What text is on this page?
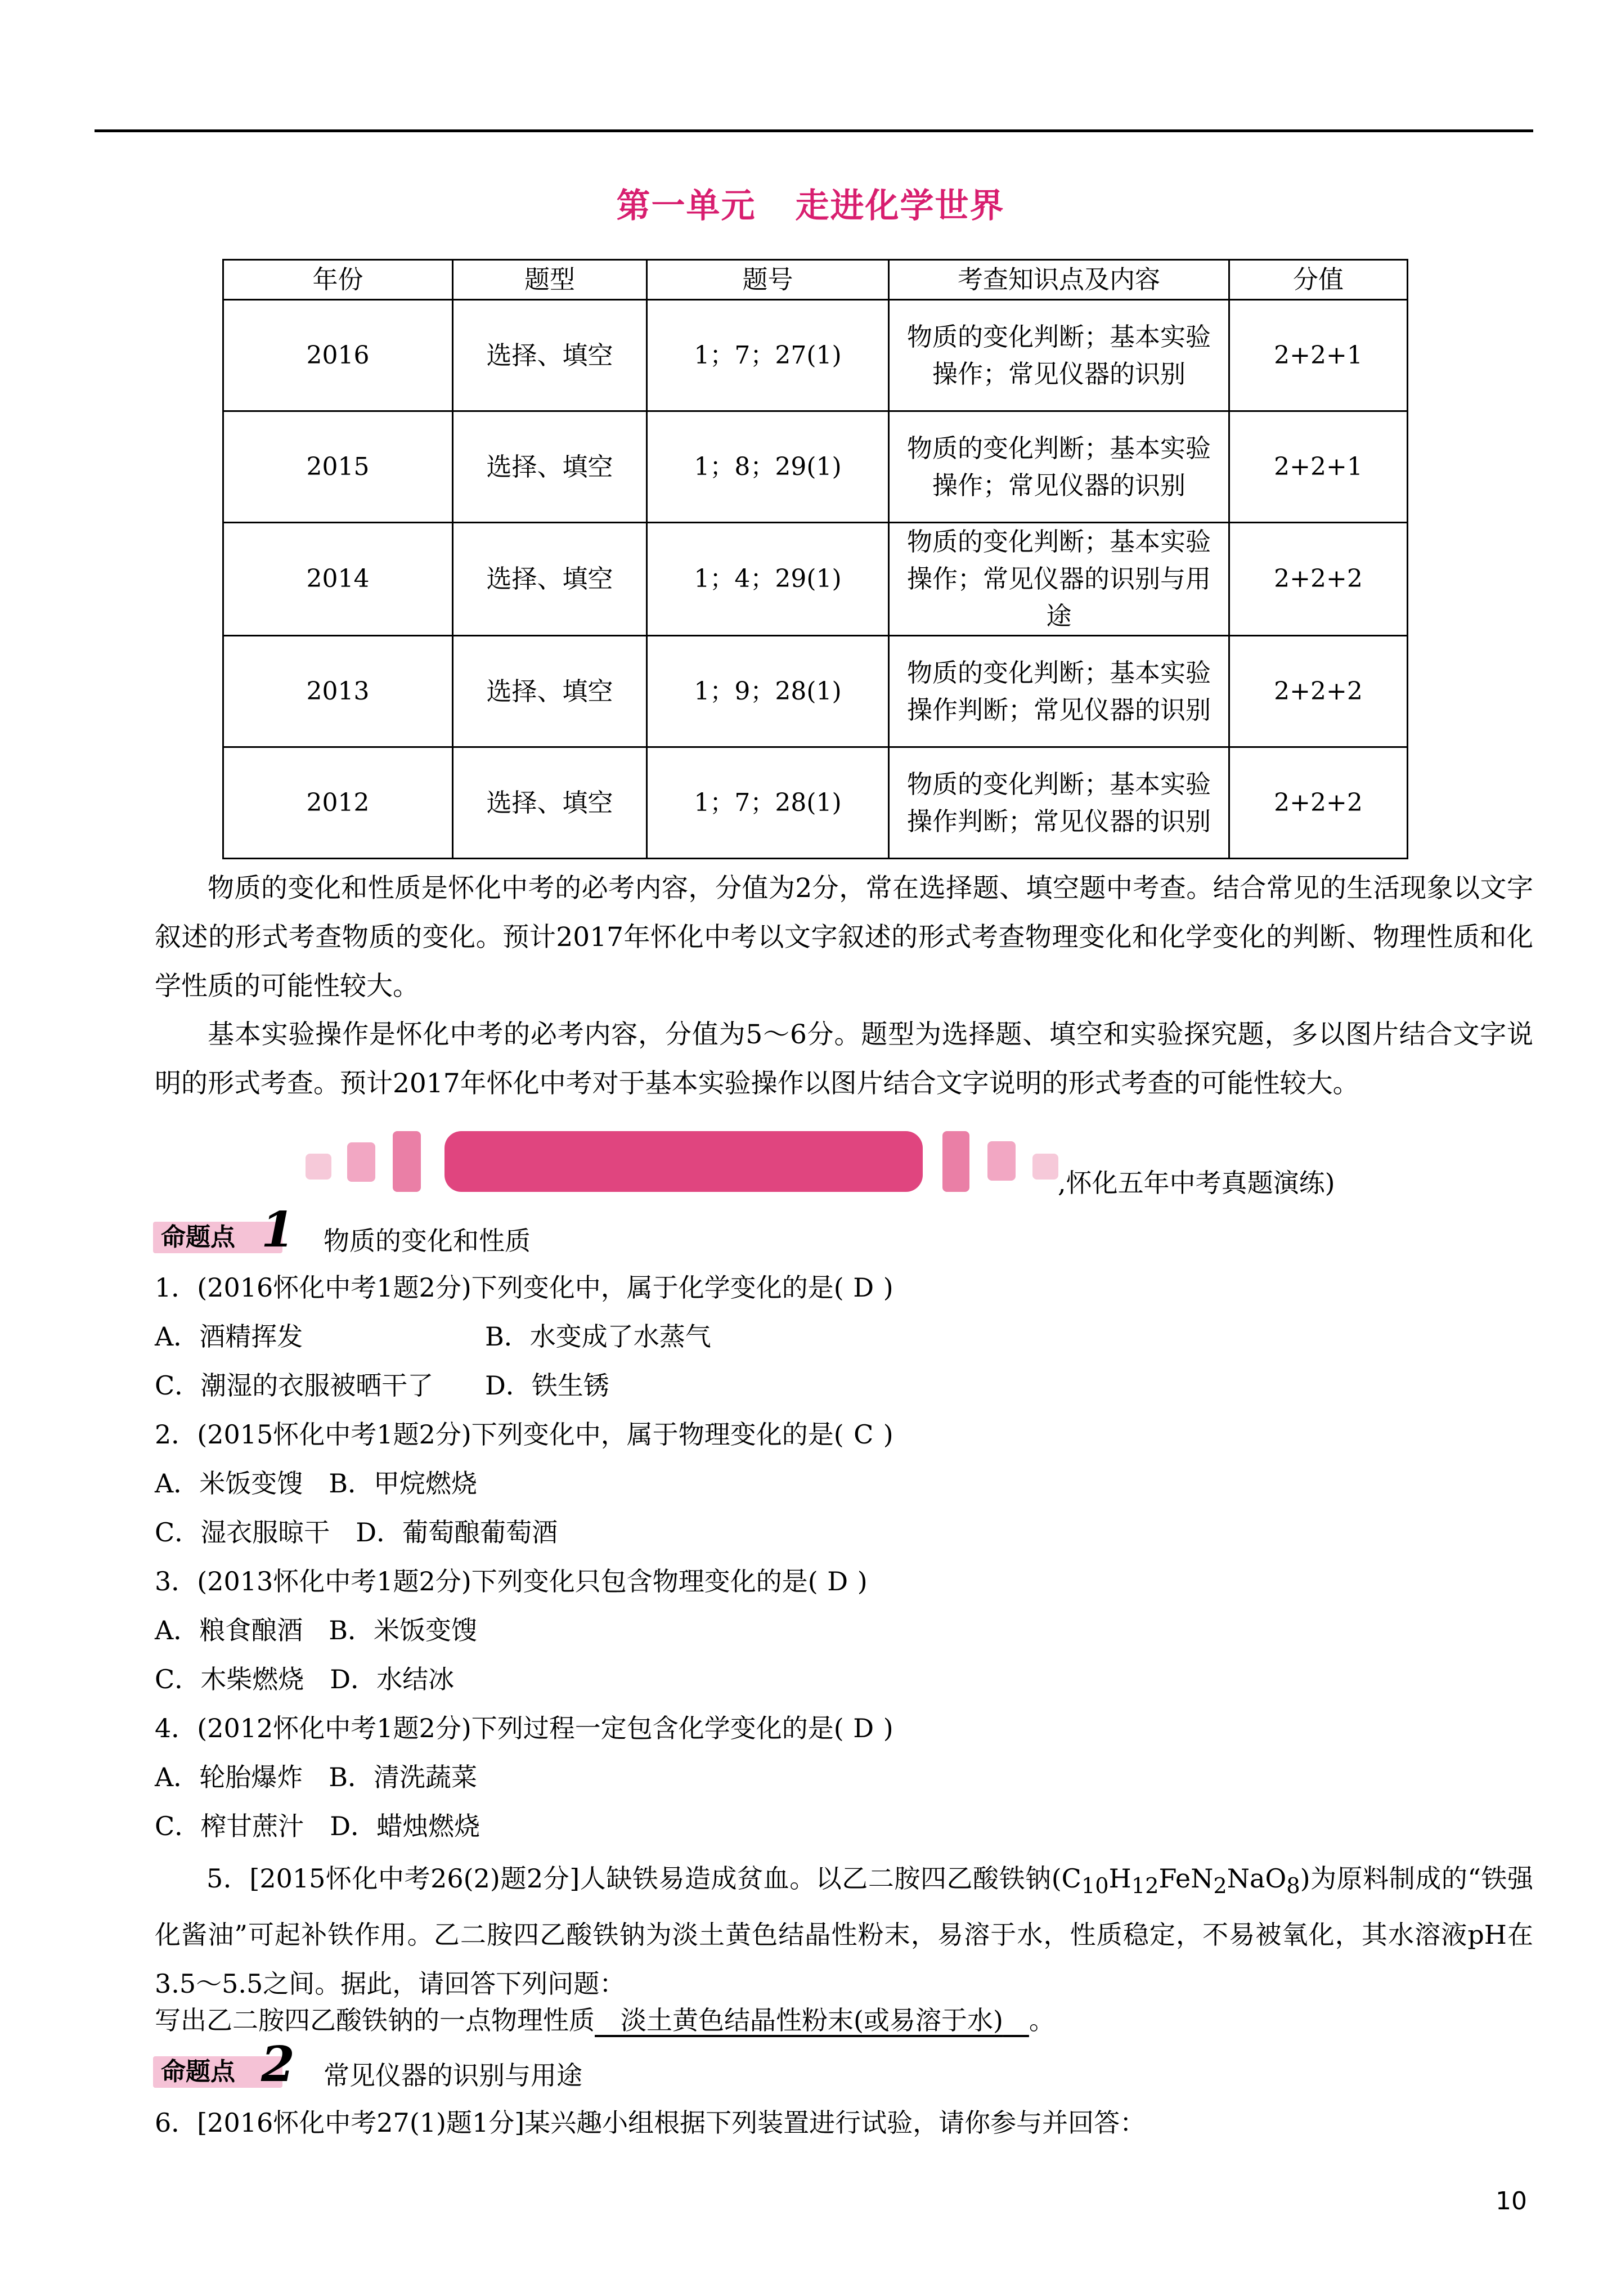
第一单元 走进化学世界
年份	题型	题号	考查知识点及内容	分值
2016	选择、填空	1；7；27(1)	物质的变化判断；基本实验操作；常见仪器的识别	2+2+1
2015	选择、填空	1；8；29(1)	物质的变化判断；基本实验操作；常见仪器的识别	2+2+1
2014	选择、填空	1；4；29(1)	物质的变化判断；基本实验操作；常见仪器的识别与用途	2+2+2
2013	选择、填空	1；9；28(1)	物质的变化判断；基本实验操作判断；常见仪器的识别	2+2+2
2012	选择、填空	1；7；28(1)	物质的变化判断；基本实验操作判断；常见仪器的识别	2+2+2
物质的变化和性质是怀化中考的必考内容，分值为2分，常在选择题、填空题中考查。结合常见的生活现象以文字叙述的形式考查物质的变化。预计2017年怀化中考以文字叙述的形式考查物理变化和化学变化的判断、物理性质和化学性质的可能性较大。
基本实验操作是怀化中考的必考内容，分值为5～6分。题型为选择题、填空和实验探究题，多以图片结合文字说明的形式考查。预计2017年怀化中考对于基本实验操作以图片结合文字说明的形式考查的可能性较大。
,怀化五年中考真题演练)
命题点 1 物质的变化和性质
1．(2016怀化中考1题2分)下列变化中，属于化学变化的是( D )
A．酒精挥发	B．水变成了水蒸气
C．潮湿的衣服被晒干了 D．铁生锈
2．(2015怀化中考1题2分)下列变化中，属于物理变化的是( C )
A．米饭变馊　B．甲烷燃烧
C．湿衣服晾干　D．葡萄酿葡萄酒
3．(2013怀化中考1题2分)下列变化只包含物理变化的是( D )
A．粮食酿酒　B．米饭变馊
C．木柴燃烧　D．水结冰
4．(2012怀化中考1题2分)下列过程一定包含化学变化的是( D )
A．轮胎爆炸　B．清洗蔬菜
C．榨甘蔗汁　D．蜡烛燃烧
5．[2015怀化中考26(2)题2分]人缺铁易造成贫血。以乙二胺四乙酸铁钠$(C_{10}H_{12}FeN_2NaO_8)$为原料制成的“铁强化酱油”可起补铁作用。乙二胺四乙酸铁钠为淡土黄色结晶性粉末，易溶于水，性质稳定，不易被氧化，其水溶液pH在3.5～5.5之间。据此，请回答下列问题：
写出乙二胺四乙酸铁钠的一点物理性质  淡土黄色结晶性粉末(或易溶于水)  。
命题点 2 常见仪器的识别与用途
6．[2016怀化中考27(1)题1分]某兴趣小组根据下列装置进行试验，请你参与并回答：
10
